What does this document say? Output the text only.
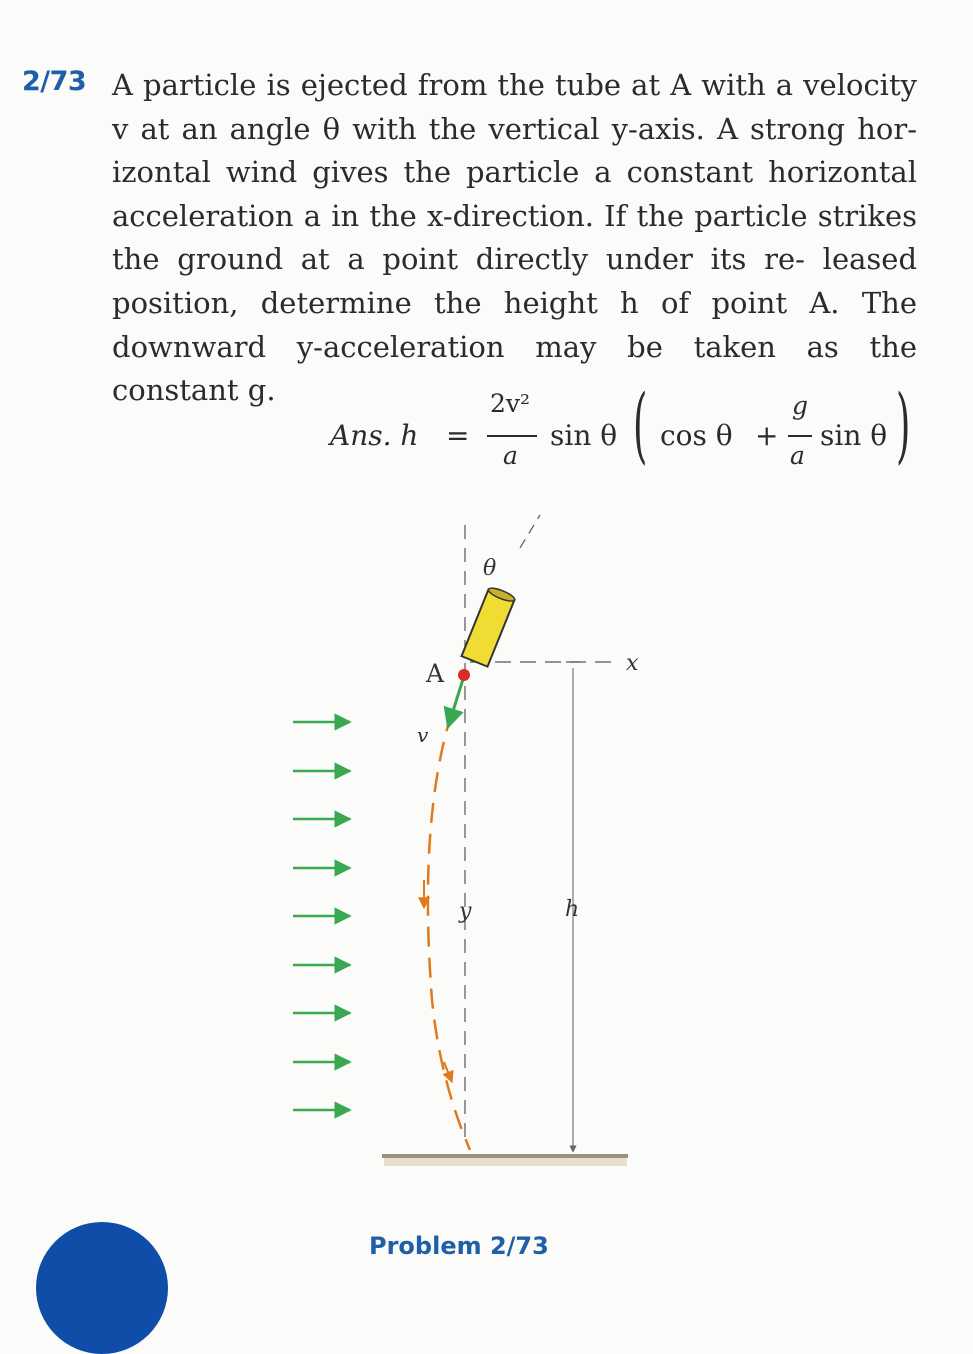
2/73 A particle is ejected from the tube at A with a velocity v at an angle θ with the vertical y-axis. A strong hor- izontal wind gives the particle a constant horizontal acceleration a in the x-direction. If the particle strikes the ground at a point directly under its re- leased position, determine the height h of point A. The downward y-acceleration may be taken as the constant g.
Ans. h =
2v²
a
sin θ ( cos θ +
g
a
sin θ )
A
θ
x
y	h
v
Problem 2/73
